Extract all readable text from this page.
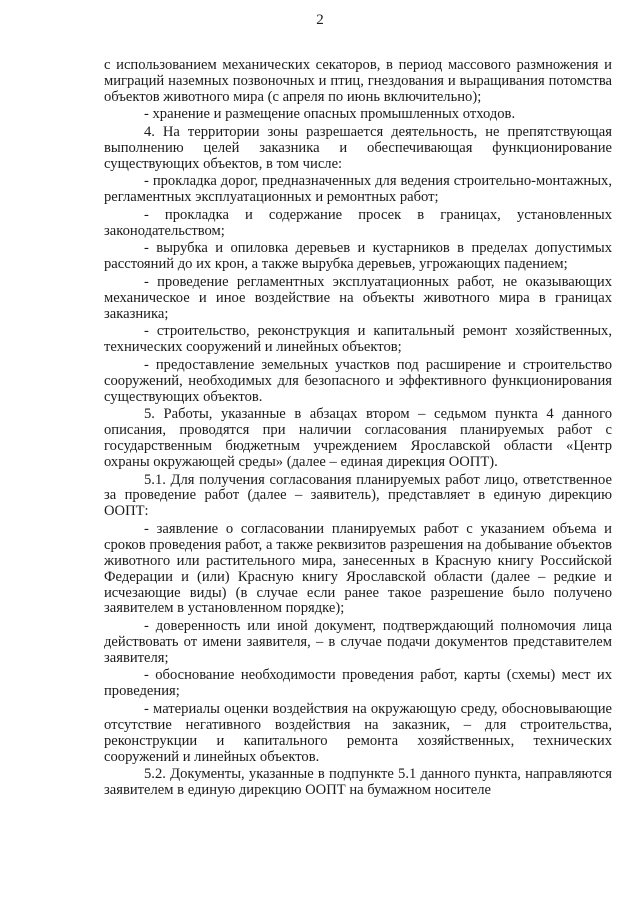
2

с использованием механических секаторов, в период массового размножения и миграций наземных позвоночных и птиц, гнездования и выращивания потомства объектов животного мира (с апреля по июнь включительно);

- хранение и размещение опасных промышленных отходов.

4. На территории зоны разрешается деятельность, не препятствующая выполнению целей заказника и обеспечивающая функционирование существующих объектов, в том числе:

- прокладка дорог, предназначенных для ведения строительно-монтажных, регламентных эксплуатационных и ремонтных работ;

- прокладка и содержание просек в границах, установленных законодательством;

- вырубка и опиловка деревьев и кустарников в пределах допустимых расстояний до их крон, а также вырубка деревьев, угрожающих падением;

- проведение регламентных эксплуатационных работ, не оказывающих механическое и иное воздействие на объекты животного мира в границах заказника;

- строительство, реконструкция и капитальный ремонт хозяйственных, технических сооружений и линейных объектов;

- предоставление земельных участков под расширение и строительство сооружений, необходимых для безопасного и эффективного функционирования существующих объектов.

5. Работы, указанные в абзацах втором – седьмом пункта 4 данного описания, проводятся при наличии согласования планируемых работ с государственным бюджетным учреждением Ярославской области «Центр охраны окружающей среды» (далее – единая дирекция ООПТ).

5.1. Для получения согласования планируемых работ лицо, ответственное за проведение работ (далее – заявитель), представляет в единую дирекцию ООПТ:

- заявление о согласовании планируемых работ с указанием объема и сроков проведения работ, а также реквизитов разрешения на добывание объектов животного или растительного мира, занесенных в Красную книгу Российской Федерации и (или) Красную книгу Ярославской области (далее – редкие и исчезающие виды) (в случае если ранее такое разрешение было получено заявителем в установленном порядке);

- доверенность или иной документ, подтверждающий полномочия лица действовать от имени заявителя, – в случае подачи документов представителем заявителя;

- обоснование необходимости проведения работ, карты (схемы) мест их проведения;

- материалы оценки воздействия на окружающую среду, обосновывающие отсутствие негативного воздействия на заказник, – для строительства, реконструкции и капитального ремонта хозяйственных, технических сооружений и линейных объектов.

5.2. Документы, указанные в подпункте 5.1 данного пункта, направляются заявителем в единую дирекцию ООПТ на бумажном носителе
